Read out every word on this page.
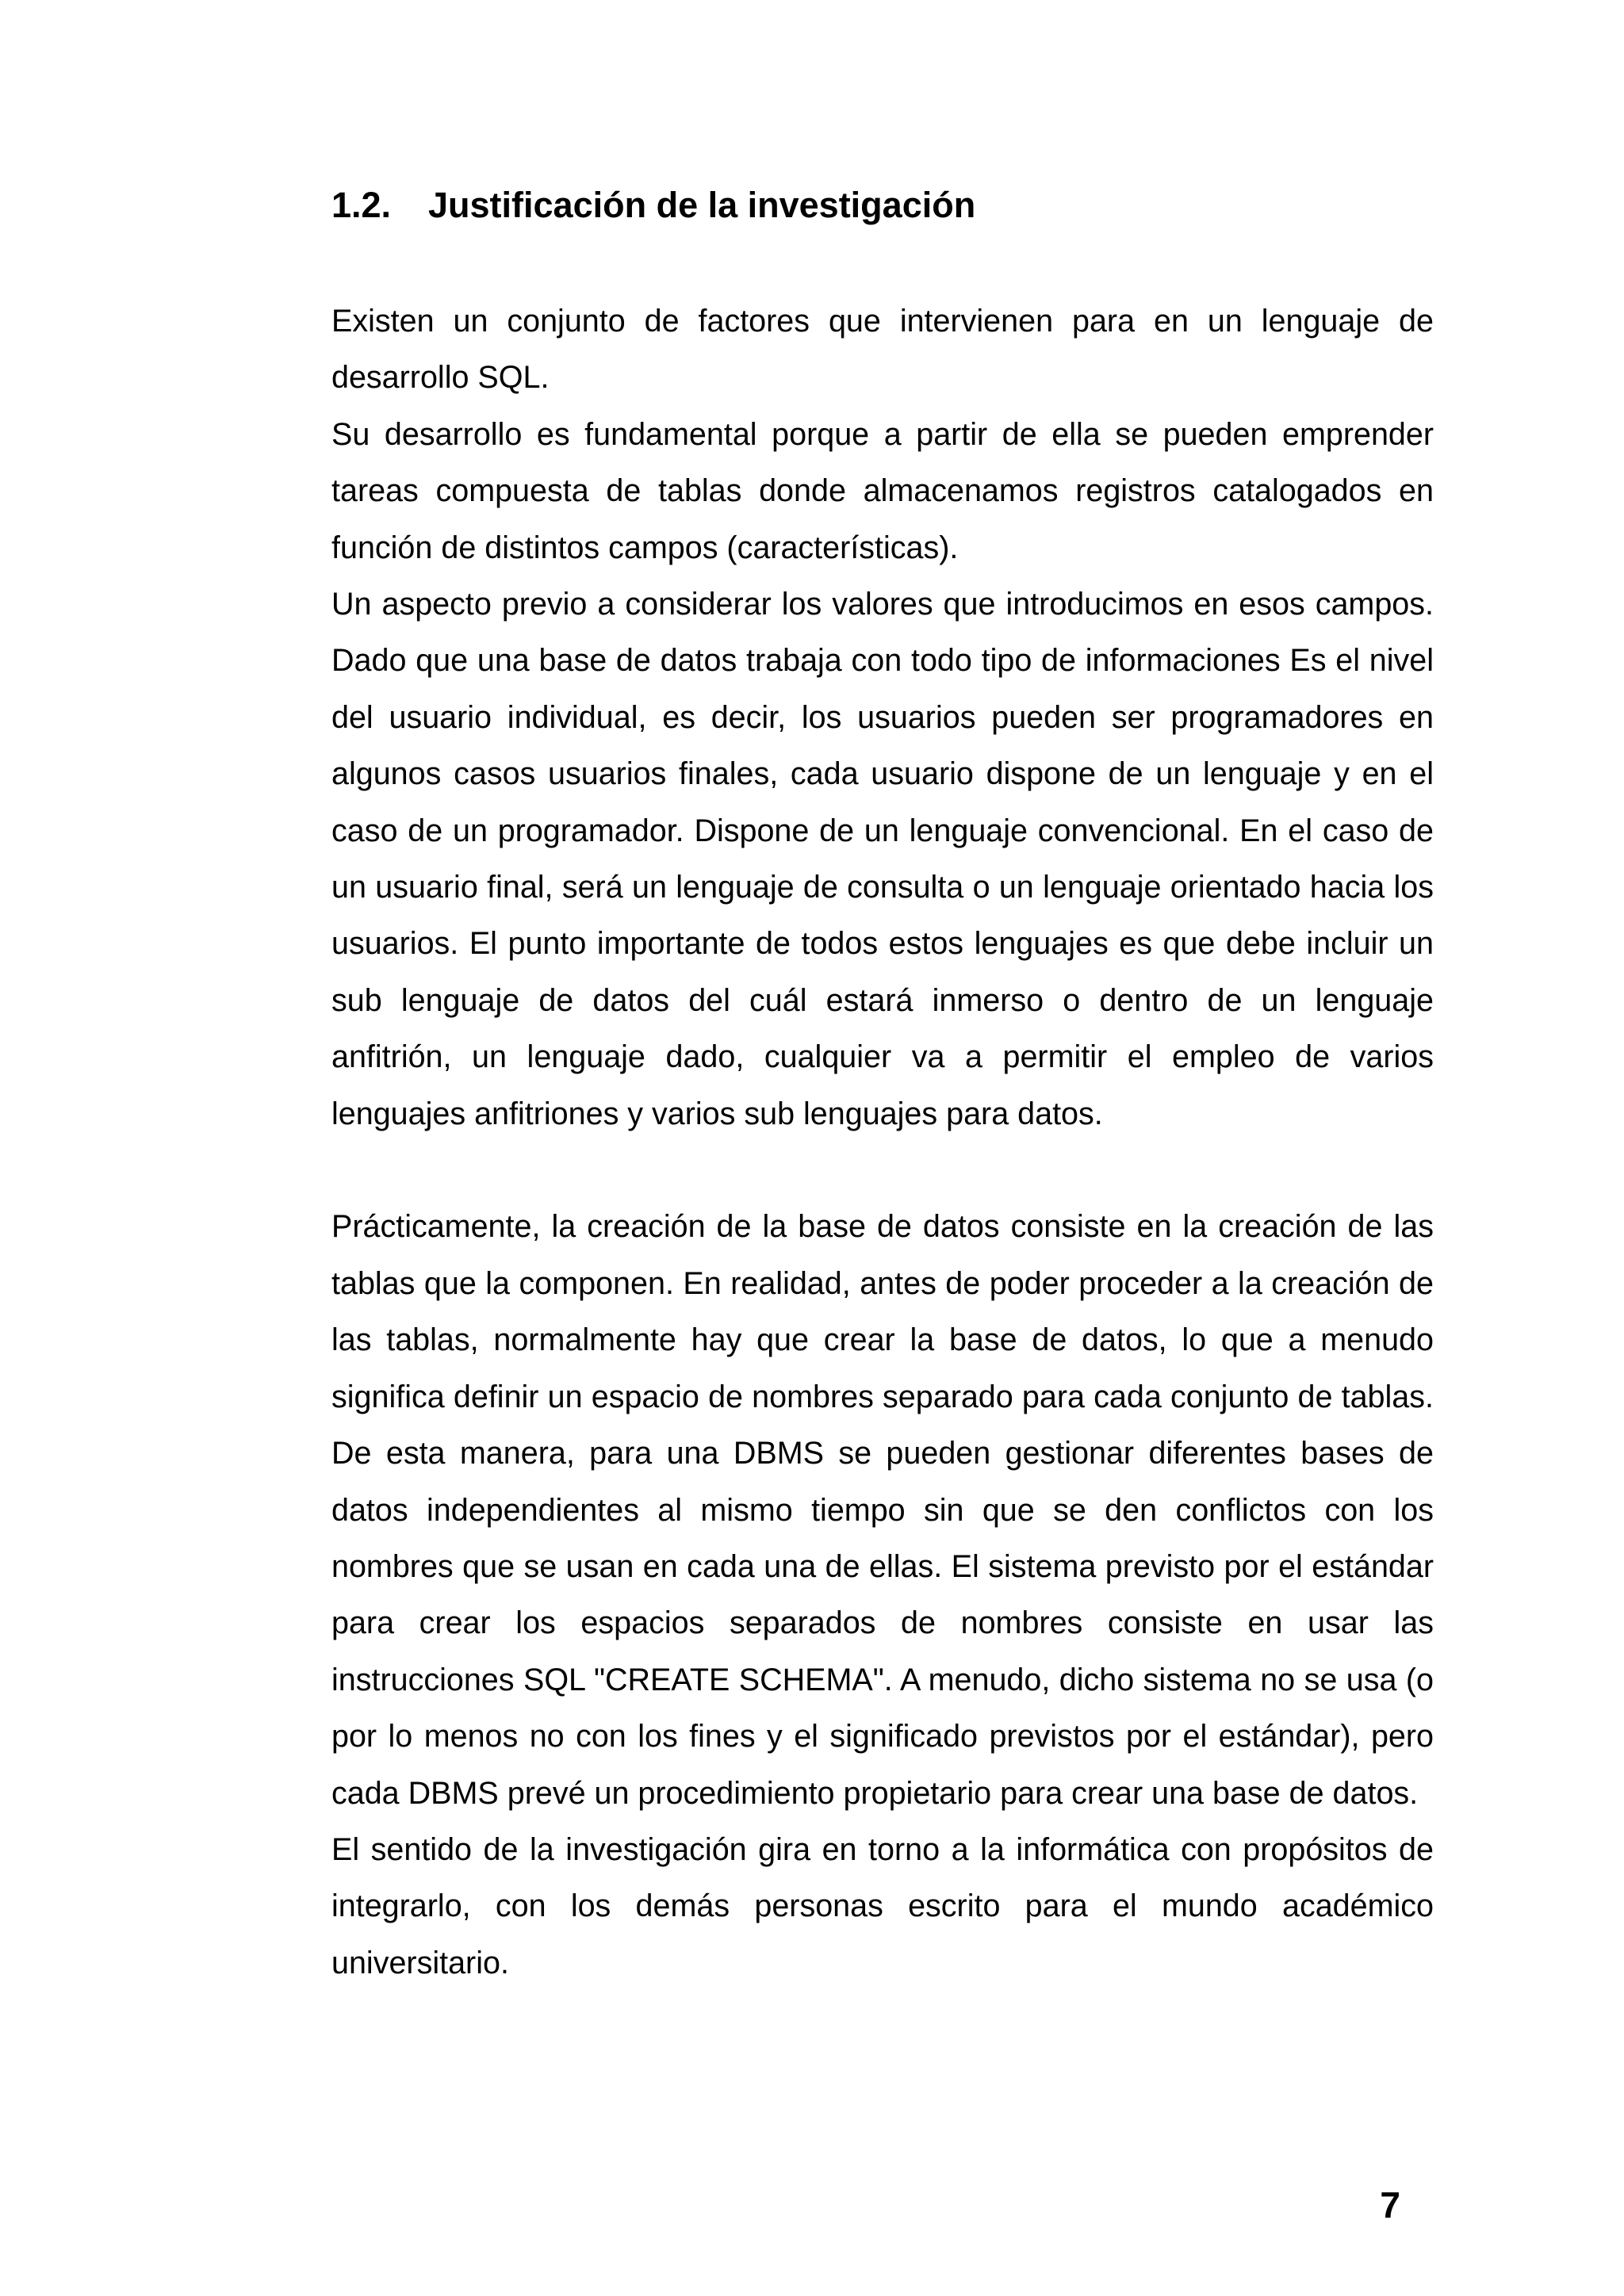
1.2. Justificación de la investigación

Existen un conjunto de factores que intervienen para en un lenguaje de desarrollo SQL.

Su desarrollo es fundamental porque a partir de ella se pueden emprender tareas compuesta de tablas donde almacenamos registros catalogados en función de distintos campos (características).

Un aspecto previo a considerar los valores que introducimos en esos campos. Dado que una base de datos trabaja con todo tipo de informaciones Es el nivel del usuario individual, es decir, los usuarios pueden ser programadores en algunos casos usuarios finales, cada usuario dispone de un lenguaje y en el caso de un programador. Dispone de un lenguaje convencional. En el caso de un usuario final, será un lenguaje de consulta o un lenguaje orientado hacia los usuarios. El punto importante de todos estos lenguajes es que debe incluir un sub lenguaje de datos del cuál estará inmerso o dentro de un lenguaje anfitrión, un lenguaje dado, cualquier va a permitir el empleo de varios lenguajes anfitriones y varios sub lenguajes para datos.

Prácticamente, la creación de la base de datos consiste en la creación de las tablas que la componen. En realidad, antes de poder proceder a la creación de las tablas, normalmente hay que crear la base de datos, lo que a menudo significa definir un espacio de nombres separado para cada conjunto de tablas. De esta manera, para una DBMS se pueden gestionar diferentes bases de datos independientes al mismo tiempo sin que se den conflictos con los nombres que se usan en cada una de ellas. El sistema previsto por el estándar para crear los espacios separados de nombres consiste en usar las instrucciones SQL "CREATE SCHEMA". A menudo, dicho sistema no se usa (o por lo menos no con los fines y el significado previstos por el estándar), pero cada DBMS prevé un procedimiento propietario para crear una base de datos.

El sentido de la investigación gira en torno a la informática con propósitos de integrarlo, con los demás personas escrito para el mundo académico universitario.

7
